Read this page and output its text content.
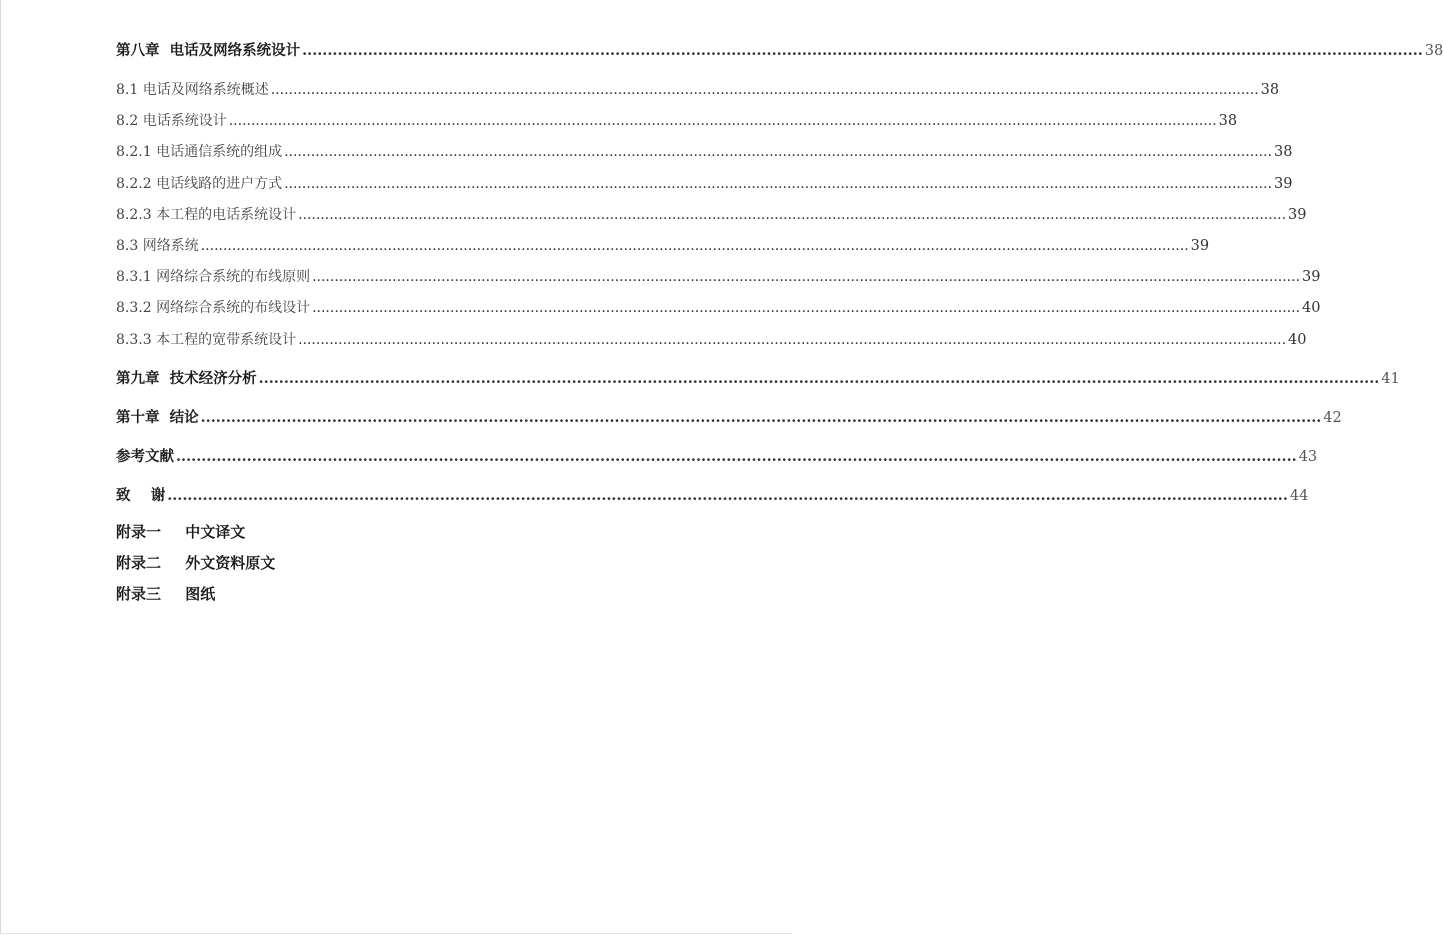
第八章  电话及网络系统设计 .............................................................................................................................................................................................................................. 38
8.1 电话及网络系统概述 .............................................................................................................................................................................................................................. 38
8.2 电话系统设计 .............................................................................................................................................................................................................................. 38
8.2.1 电话通信系统的组成 .............................................................................................................................................................................................................................. 38
8.2.2 电话线路的进户方式 .............................................................................................................................................................................................................................. 39
8.2.3 本工程的电话系统设计 .............................................................................................................................................................................................................................. 39
8.3 网络系统 .............................................................................................................................................................................................................................. 39
8.3.1 网络综合系统的布线原则 .............................................................................................................................................................................................................................. 39
8.3.2 网络综合系统的布线设计 .............................................................................................................................................................................................................................. 40
8.3.3 本工程的宽带系统设计 .............................................................................................................................................................................................................................. 40
第九章  技术经济分析 .............................................................................................................................................................................................................................. 41
第十章  结论 .............................................................................................................................................................................................................................. 42
参考文献 .............................................................................................................................................................................................................................. 43
致    谢 .............................................................................................................................................................................................................................. 44
附录一 中文译文
附录二 外文资料原文
附录三 图纸
